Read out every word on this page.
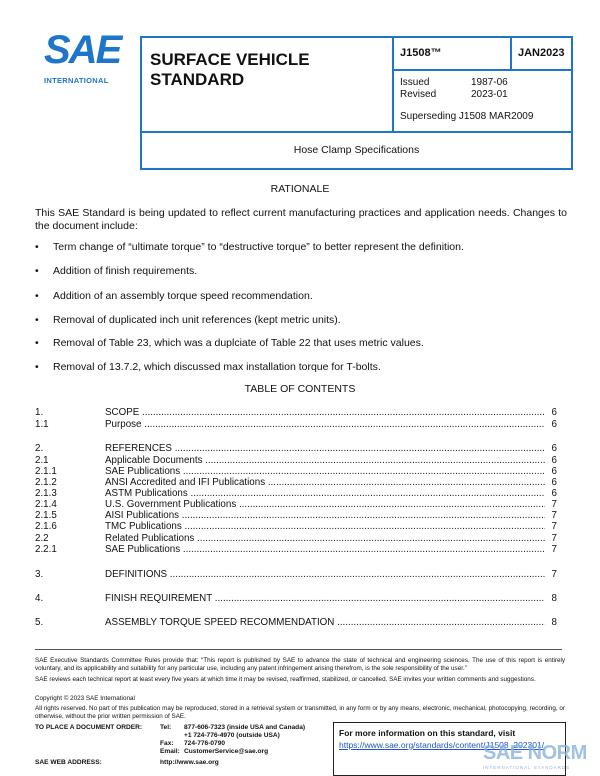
SAE
INTERNATIONAL
SURFACE VEHICLE STANDARD
J1508™	JAN2023
Issued	1987-06
Revised	2023-01
Superseding J1508 MAR2009
Hose Clamp Specifications
RATIONALE
This SAE Standard is being updated to reflect current manufacturing practices and application needs. Changes to the document include:
• Term change of “ultimate torque” to “destructive torque” to better represent the definition.
• Addition of finish requirements.
• Addition of an assembly torque speed recommendation.
• Removal of duplicated inch unit references (kept metric units).
• Removal of Table 23, which was a duplciate of Table 22 that uses metric values.
• Removal of 13.7.2, which discussed max installation torque for T-bolts.
TABLE OF CONTENTS
1.	SCOPE .....	6
1.1	Purpose .....	6
2.	REFERENCES .....	6
2.1	Applicable Documents .....	6
2.1.1	SAE Publications .....	6
2.1.2	ANSI Accredited and IFI Publications .....	6
2.1.3	ASTM Publications .....	6
2.1.4	U.S. Government Publications .....	7
2.1.5	AISI Publications .....	7
2.1.6	TMC Publications .....	7
2.2	Related Publications .....	7
2.2.1	SAE Publications .....	7
3.	DEFINITIONS .....	7
4.	FINISH REQUIREMENT .....	8
5.	ASSEMBLY TORQUE SPEED RECOMMENDATION .....	8
SAE Executive Standards Committee Rules provide that: “This report is published by SAE to advance the state of technical and engineering sciences. The use of this report is entirely voluntary, and its applicability and suitability for any particular use, including any patent infringement arising therefrom, is the sole responsibility of the user.”
SAE reviews each technical report at least every five years at which time it may be revised, reaffirmed, stabilized, or cancelled. SAE invites your written comments and suggestions.
Copyright © 2023 SAE International
All rights reserved. No part of this publication may be reproduced, stored in a retrieval system or transmitted, in any form or by any means, electronic, mechanical, photocopying, recording, or otherwise, without the prior written permission of SAE.
TO PLACE A DOCUMENT ORDER:	Tel: 877-606-7323 (inside USA and Canada)
+1 724-776-4970 (outside USA)
Fax: 724-776-0790
Email: CustomerService@sae.org
SAE WEB ADDRESS:	http://www.sae.org
For more information on this standard, visit
https://www.sae.org/standards/content/J1508_202301/
SAE NORM
INTERNATIONAL STANDARDS
